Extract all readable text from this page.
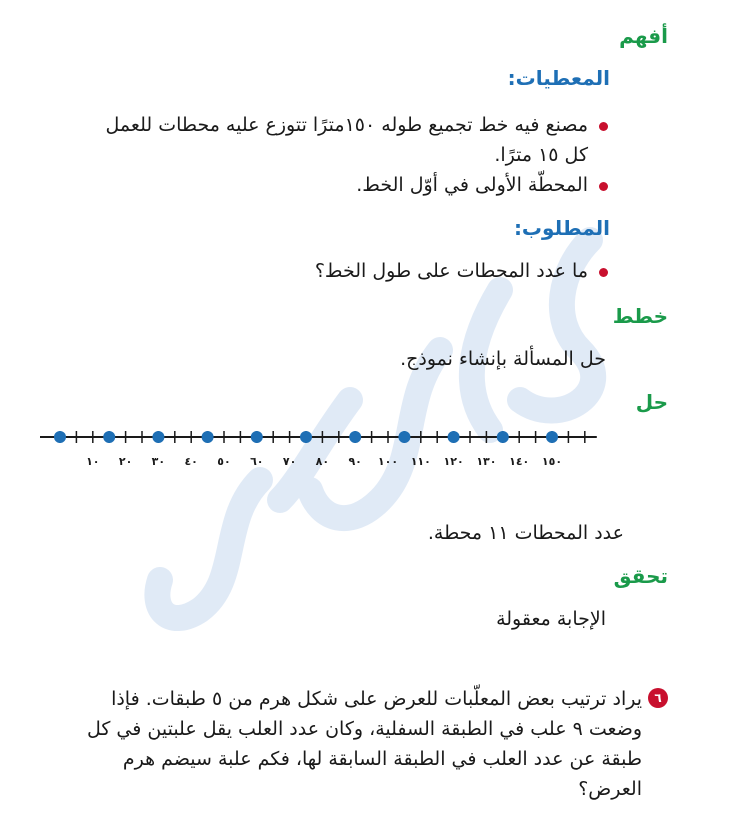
أفهم
المعطيات:
مصنع فيه خط تجميع طوله ١٥٠مترًا تتوزع عليه محطات للعمل كل ١٥ مترًا.
المحطّة الأولى في أوّل الخط.
المطلوب:
ما عدد المحطات على طول الخط؟
خطط
حل المسألة بإنشاء نموذج.
حل
١٠ ٢٠ ٣٠ ٤٠ ٥٠ ٦٠ ٧٠ ٨٠ ٩٠ ١٠٠ ١١٠ ١٢٠ ١٣٠ ١٤٠ ١٥٠
عدد المحطات ١١ محطة.
تحقق
الإجابة معقولة
٦
يراد ترتيب بعض المعلّبات للعرض على شكل هرم من ٥ طبقات. فإذا وضعت ٩ علب في الطبقة السفلية، وكان عدد العلب يقل علبتين في كل طبقة عن عدد العلب في الطبقة السابقة لها، فكم علبة سيضم هرم العرض؟
